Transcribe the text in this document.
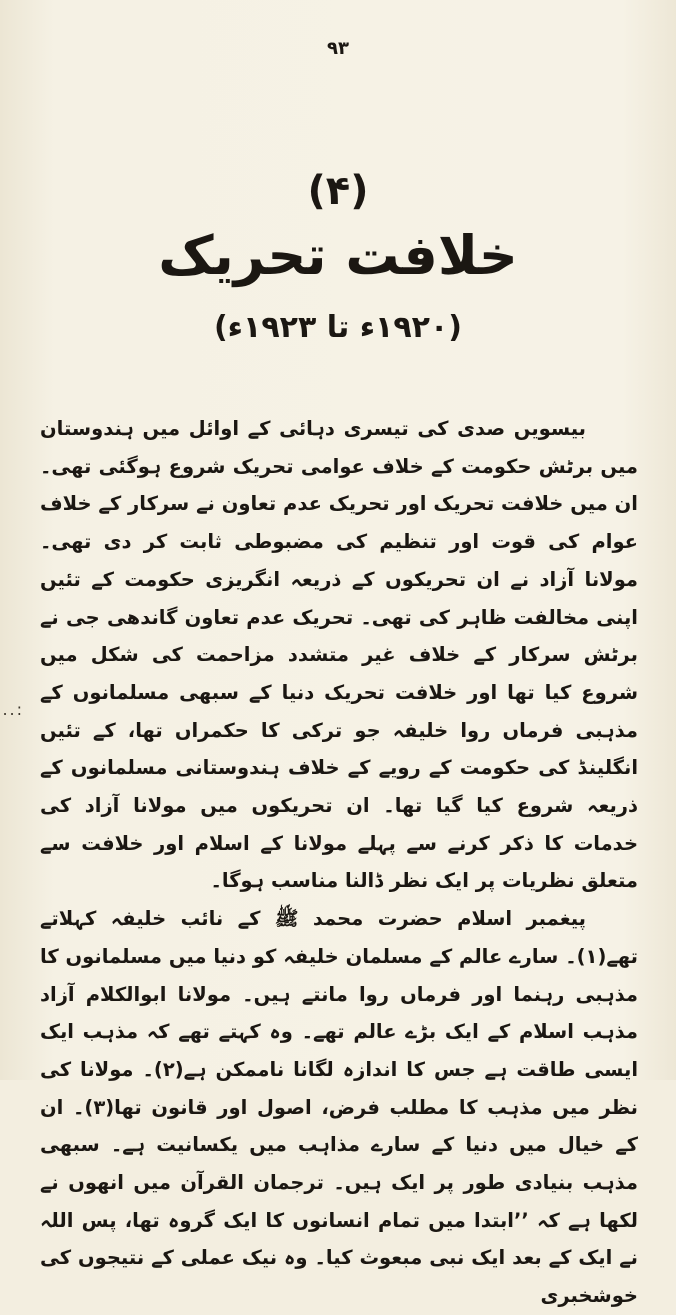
۹۳
(۴)
خلافت تحریک
(۱۹۲۰ء تا ۱۹۲۳ء)

بیسویں صدی کی تیسری دہائی کے اوائل میں ہندوستان میں برٹش حکومت کے خلاف عوامی تحریک شروع ہوگئی تھی۔ ان میں خلافت تحریک اور تحریک عدم تعاون نے سرکار کے خلاف عوام کی قوت اور تنظیم کی مضبوطی ثابت کر دی تھی۔ مولانا آزاد نے ان تحریکوں کے ذریعہ انگریزی حکومت کے تئیں اپنی مخالفت ظاہر کی تھی۔ تحریک عدم تعاون گاندھی جی نے برٹش سرکار کے خلاف غیر متشدد مزاحمت کی شکل میں شروع کیا تھا اور خلافت تحریک دنیا کے سبھی مسلمانوں کے مذہبی فرماں روا خلیفہ جو ترکی کا حکمراں تھا، کے تئیں انگلینڈ کی حکومت کے رویے کے خلاف ہندوستانی مسلمانوں کے ذریعہ شروع کیا گیا تھا۔ ان تحریکوں میں مولانا آزاد کی خدمات کا ذکر کرنے سے پہلے مولانا کے اسلام اور خلافت سے متعلق نظریات پر ایک نظر ڈالنا مناسب ہوگا۔

پیغمبر اسلام حضرت محمد ﷺ کے نائب خلیفہ کہلاتے تھے(۱)۔ سارے عالم کے مسلمان خلیفہ کو دنیا میں مسلمانوں کا مذہبی رہنما اور فرماں روا مانتے ہیں۔ مولانا ابوالکلام آزاد مذہب اسلام کے ایک بڑے عالم تھے۔ وہ کہتے تھے کہ مذہب ایک ایسی طاقت ہے جس کا اندازہ لگانا ناممکن ہے(۲)۔ مولانا کی نظر میں مذہب کا مطلب فرض، اصول اور قانون تھا(۳)۔ ان کے خیال میں دنیا کے سارے مذاہب میں یکسانیت ہے۔ سبھی مذہب بنیادی طور پر ایک ہیں۔ ترجمان القرآن میں انھوں نے لکھا ہے کہ ’’ابتدا میں تمام انسانوں کا ایک گروہ تھا، پس اللہ نے ایک کے بعد ایک نبی مبعوث کیا۔ وہ نیک عملی کے نتیجوں کی خوشخبری

..:
